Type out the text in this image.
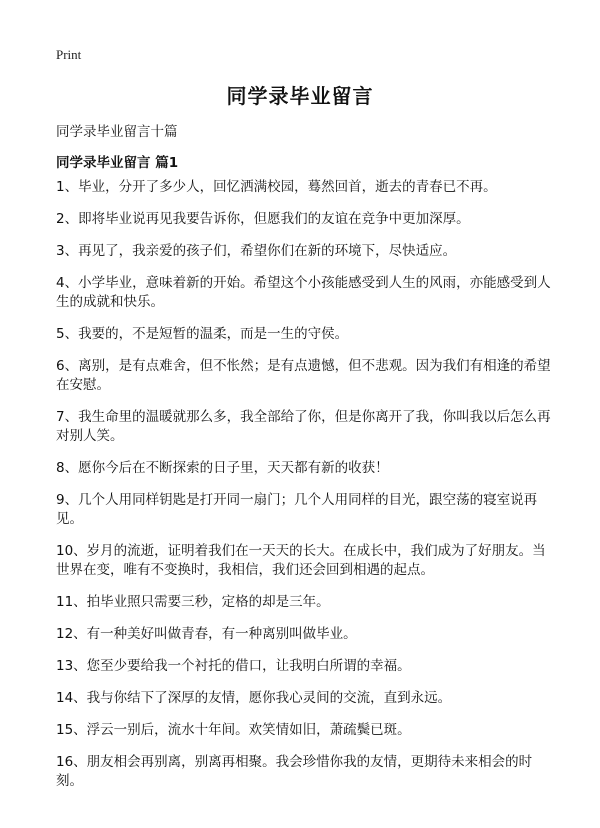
Print
同学录毕业留言
同学录毕业留言十篇
同学录毕业留言 篇1
1、毕业，分开了多少人，回忆洒满校园，蓦然回首，逝去的青春已不再。
2、即将毕业说再见我要告诉你，但愿我们的友谊在竞争中更加深厚。
3、再见了，我亲爱的孩子们，希望你们在新的环境下，尽快适应。
4、小学毕业，意味着新的开始。希望这个小孩能感受到人生的风雨，亦能感受到人生的成就和快乐。
5、我要的，不是短暂的温柔，而是一生的守侯。
6、离别，是有点难舍，但不怅然；是有点遗憾，但不悲观。因为我们有相逢的希望在安慰。
7、我生命里的温暖就那么多，我全部给了你，但是你离开了我，你叫我以后怎么再对别人笑。
8、愿你今后在不断探索的日子里，天天都有新的收获！
9、几个人用同样钥匙是打开同一扇门；几个人用同样的目光，跟空荡的寝室说再见。
10、岁月的流逝，证明着我们在一天天的长大。在成长中，我们成为了好朋友。当世界在变，唯有不变换时，我相信，我们还会回到相遇的起点。
11、拍毕业照只需要三秒，定格的却是三年。
12、有一种美好叫做青春，有一种离别叫做毕业。
13、您至少要给我一个衬托的借口，让我明白所谓的幸福。
14、我与你结下了深厚的友情，愿你我心灵间的交流，直到永远。
15、浮云一别后，流水十年间。欢笑情如旧，萧疏鬓已斑。
16、朋友相会再别离，别离再相聚。我会珍惜你我的友情，更期待未来相会的时刻。
